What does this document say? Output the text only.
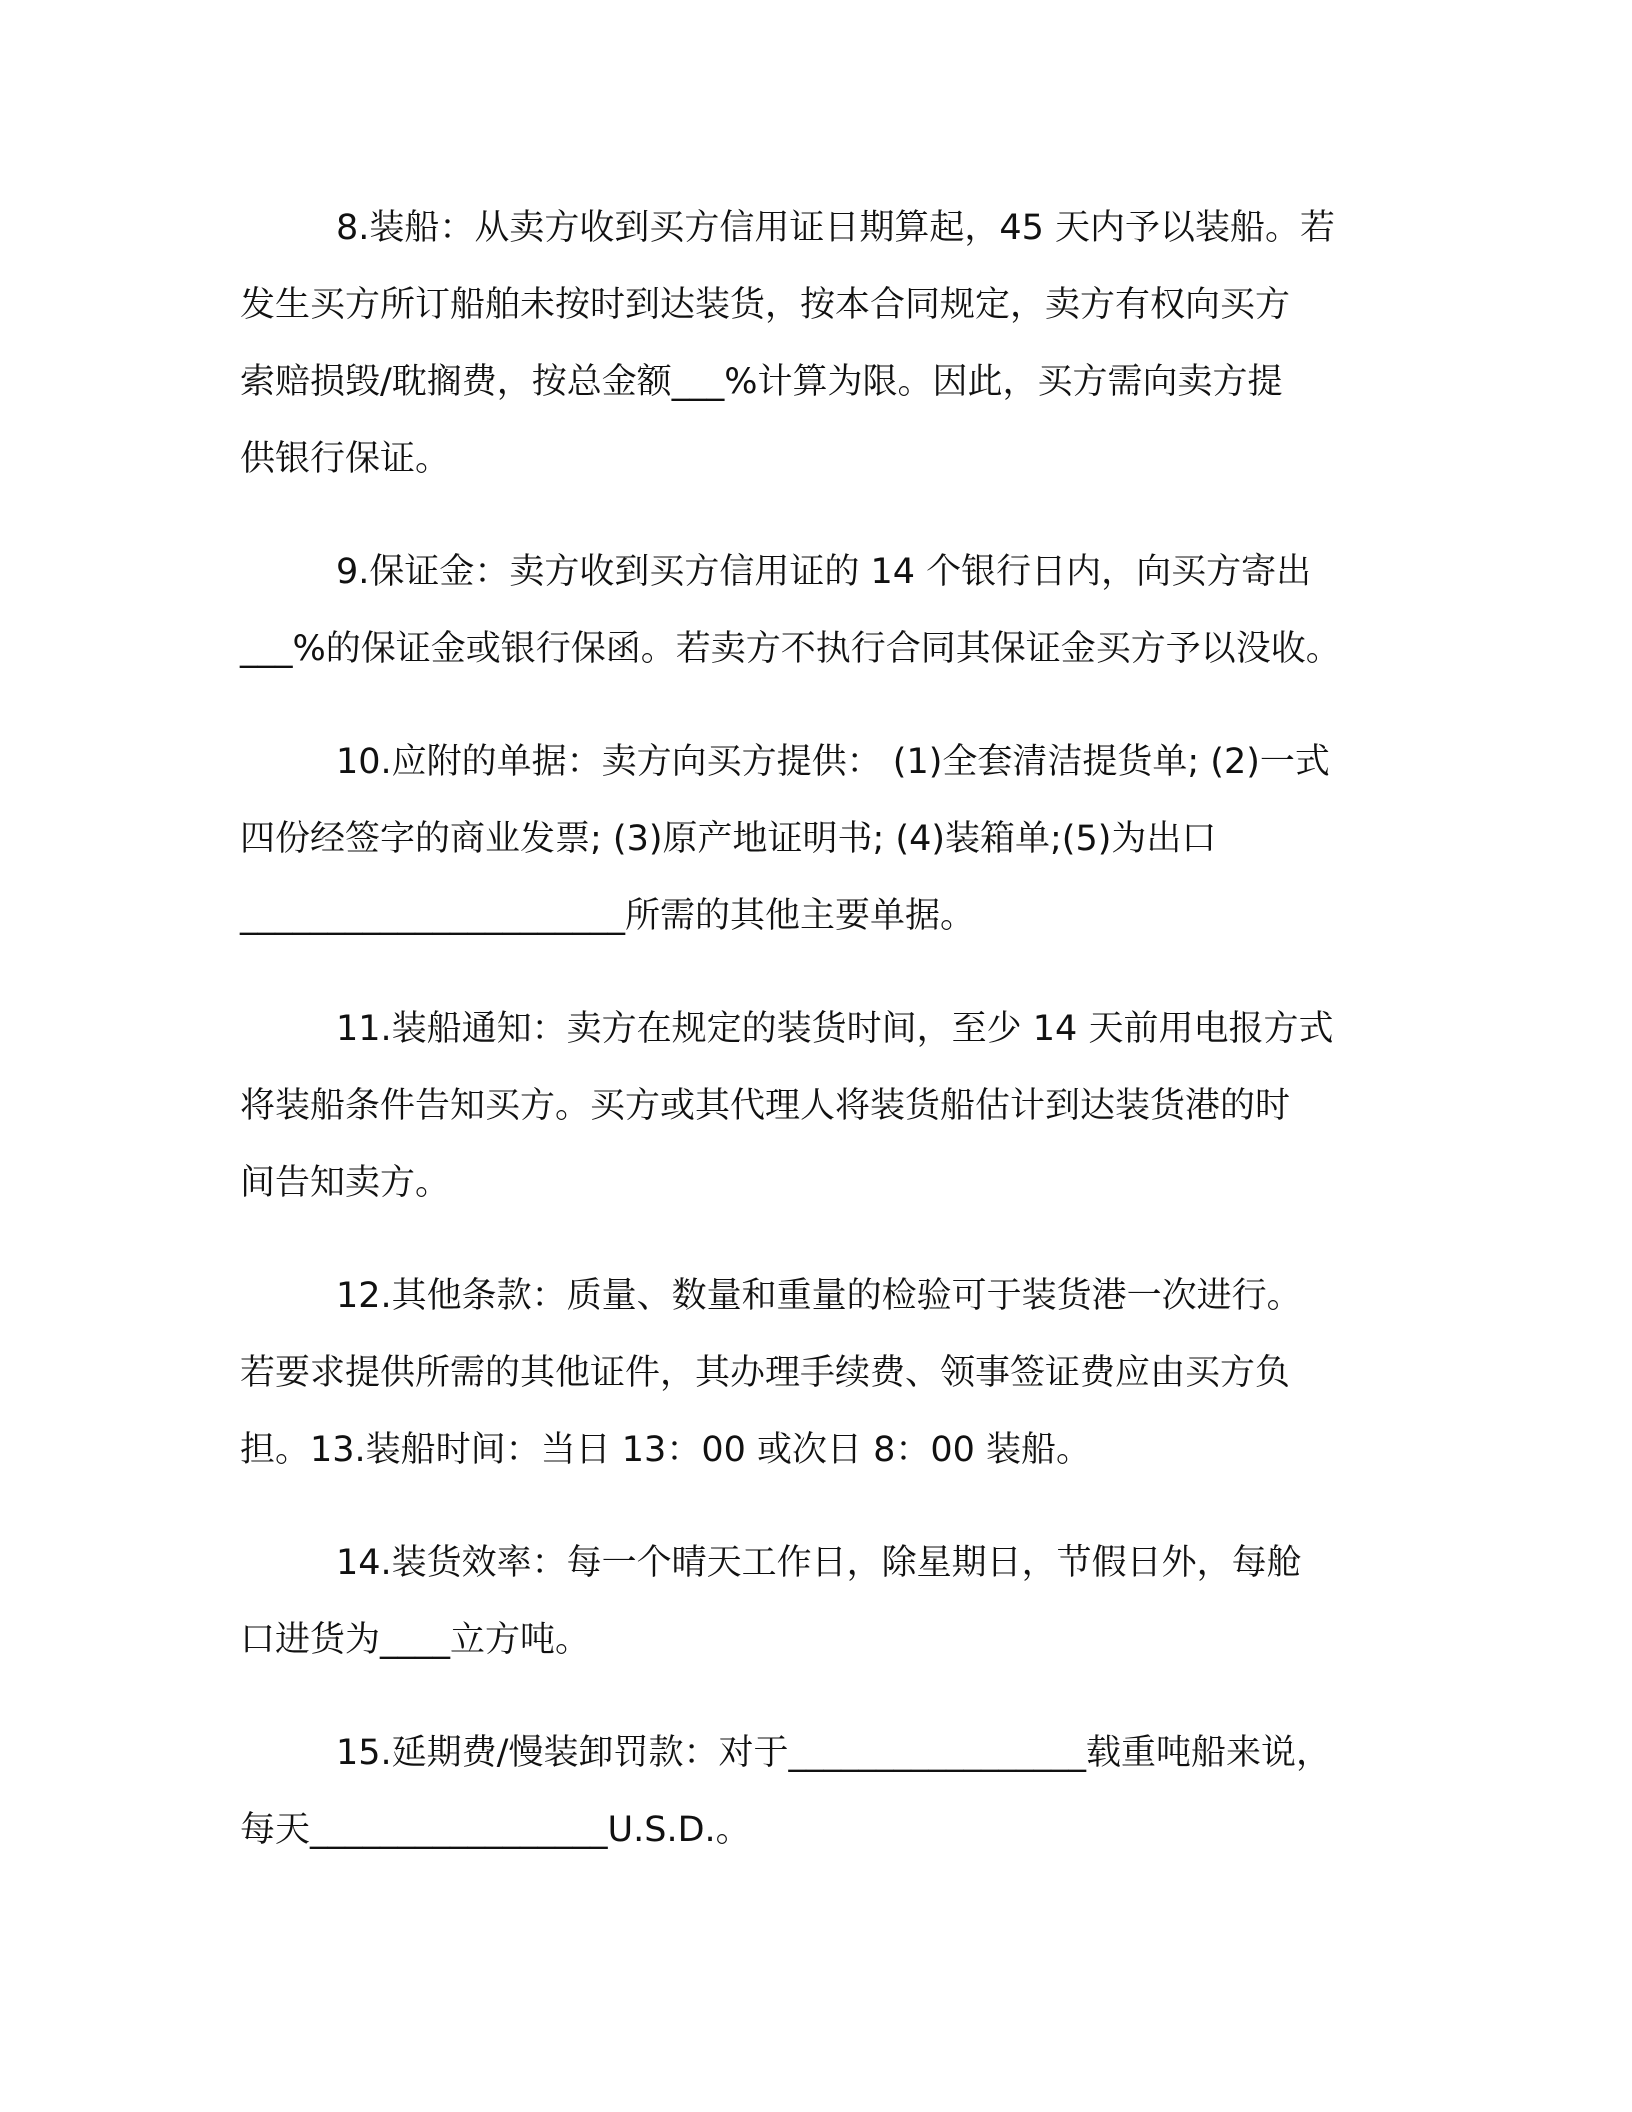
8.装船：从卖方收到买方信用证日期算起，45 天内予以装船。若
发生买方所订船舶未按时到达装货，按本合同规定，卖方有权向买方
索赔损毁/耽搁费，按总金额___%计算为限。因此，买方需向卖方提
供银行保证。

9.保证金：卖方收到买方信用证的 14 个银行日内，向买方寄出
___%的保证金或银行保函。若卖方不执行合同其保证金买方予以没收。

10.应附的单据：卖方向买方提供： (1)全套清洁提货单; (2)一式
四份经签字的商业发票; (3)原产地证明书; (4)装箱单;(5)为出口
______________________所需的其他主要单据。

11.装船通知：卖方在规定的装货时间，至少 14 天前用电报方式
将装船条件告知买方。买方或其代理人将装货船估计到达装货港的时
间告知卖方。

12.其他条款：质量、数量和重量的检验可于装货港一次进行。
若要求提供所需的其他证件，其办理手续费、领事签证费应由买方负
担。13.装船时间：当日 13：00 或次日 8：00 装船。

14.装货效率：每一个晴天工作日，除星期日，节假日外，每舱
口进货为____立方吨。

15.延期费/慢装卸罚款：对于_________________载重吨船来说，
每天_________________U.S.D.。
